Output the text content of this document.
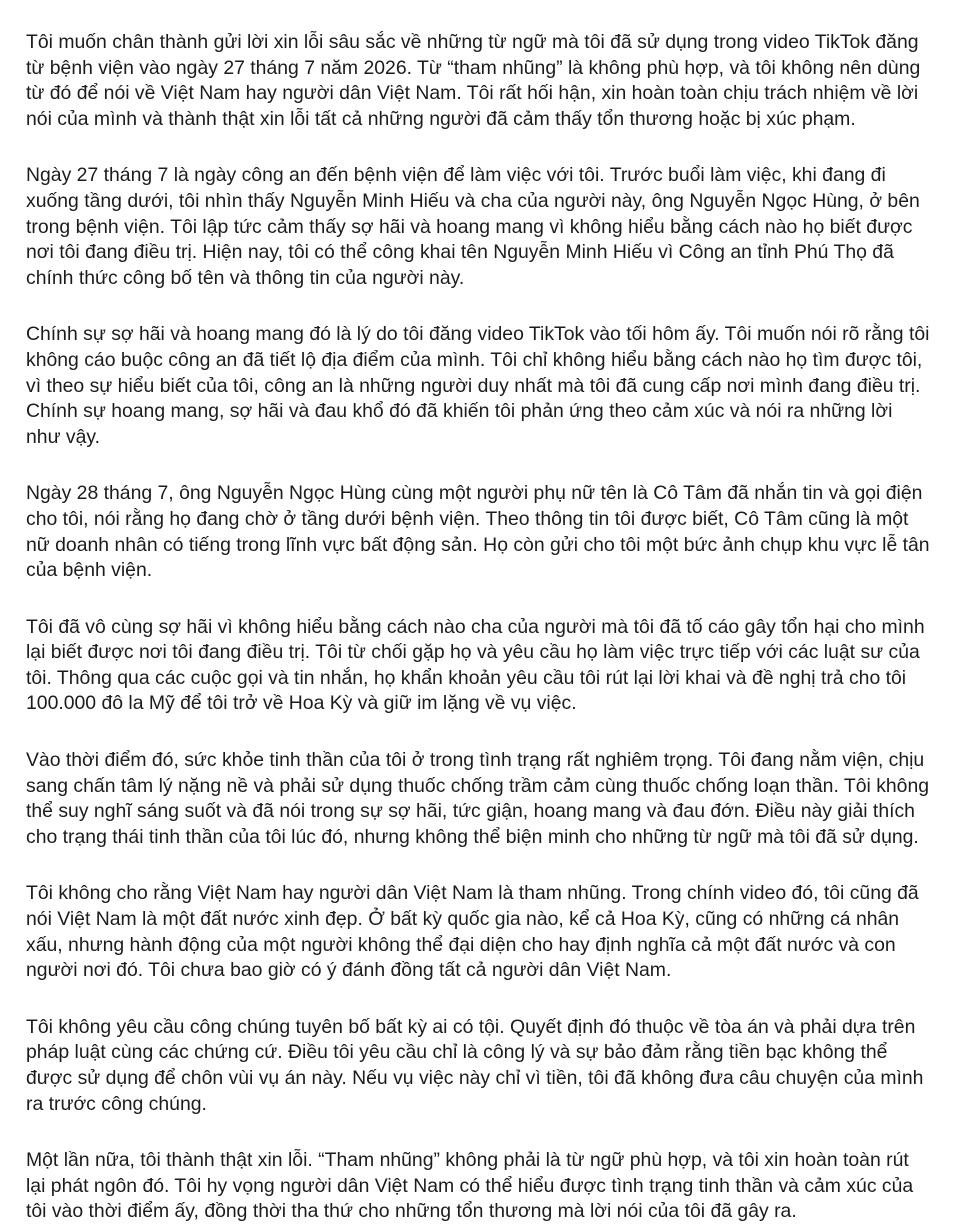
Tôi muốn chân thành gửi lời xin lỗi sâu sắc về những từ ngữ mà tôi đã sử dụng trong video TikTok đăng từ bệnh viện vào ngày 27 tháng 7 năm 2026. Từ “tham nhũng” là không phù hợp, và tôi không nên dùng từ đó để nói về Việt Nam hay người dân Việt Nam. Tôi rất hối hận, xin hoàn toàn chịu trách nhiệm về lời nói của mình và thành thật xin lỗi tất cả những người đã cảm thấy tổn thương hoặc bị xúc phạm.

Ngày 27 tháng 7 là ngày công an đến bệnh viện để làm việc với tôi. Trước buổi làm việc, khi đang đi xuống tầng dưới, tôi nhìn thấy Nguyễn Minh Hiếu và cha của người này, ông Nguyễn Ngọc Hùng, ở bên trong bệnh viện. Tôi lập tức cảm thấy sợ hãi và hoang mang vì không hiểu bằng cách nào họ biết được nơi tôi đang điều trị. Hiện nay, tôi có thể công khai tên Nguyễn Minh Hiếu vì Công an tỉnh Phú Thọ đã chính thức công bố tên và thông tin của người này.

Chính sự sợ hãi và hoang mang đó là lý do tôi đăng video TikTok vào tối hôm ấy. Tôi muốn nói rõ rằng tôi không cáo buộc công an đã tiết lộ địa điểm của mình. Tôi chỉ không hiểu bằng cách nào họ tìm được tôi, vì theo sự hiểu biết của tôi, công an là những người duy nhất mà tôi đã cung cấp nơi mình đang điều trị. Chính sự hoang mang, sợ hãi và đau khổ đó đã khiến tôi phản ứng theo cảm xúc và nói ra những lời như vậy.

Ngày 28 tháng 7, ông Nguyễn Ngọc Hùng cùng một người phụ nữ tên là Cô Tâm đã nhắn tin và gọi điện cho tôi, nói rằng họ đang chờ ở tầng dưới bệnh viện. Theo thông tin tôi được biết, Cô Tâm cũng là một nữ doanh nhân có tiếng trong lĩnh vực bất động sản. Họ còn gửi cho tôi một bức ảnh chụp khu vực lễ tân của bệnh viện.

Tôi đã vô cùng sợ hãi vì không hiểu bằng cách nào cha của người mà tôi đã tố cáo gây tổn hại cho mình lại biết được nơi tôi đang điều trị. Tôi từ chối gặp họ và yêu cầu họ làm việc trực tiếp với các luật sư của tôi. Thông qua các cuộc gọi và tin nhắn, họ khẩn khoản yêu cầu tôi rút lại lời khai và đề nghị trả cho tôi 100.000 đô la Mỹ để tôi trở về Hoa Kỳ và giữ im lặng về vụ việc.

Vào thời điểm đó, sức khỏe tinh thần của tôi ở trong tình trạng rất nghiêm trọng. Tôi đang nằm viện, chịu sang chấn tâm lý nặng nề và phải sử dụng thuốc chống trầm cảm cùng thuốc chống loạn thần. Tôi không thể suy nghĩ sáng suốt và đã nói trong sự sợ hãi, tức giận, hoang mang và đau đớn. Điều này giải thích cho trạng thái tinh thần của tôi lúc đó, nhưng không thể biện minh cho những từ ngữ mà tôi đã sử dụng.

Tôi không cho rằng Việt Nam hay người dân Việt Nam là tham nhũng. Trong chính video đó, tôi cũng đã nói Việt Nam là một đất nước xinh đẹp. Ở bất kỳ quốc gia nào, kể cả Hoa Kỳ, cũng có những cá nhân xấu, nhưng hành động của một người không thể đại diện cho hay định nghĩa cả một đất nước và con người nơi đó. Tôi chưa bao giờ có ý đánh đồng tất cả người dân Việt Nam.

Tôi không yêu cầu công chúng tuyên bố bất kỳ ai có tội. Quyết định đó thuộc về tòa án và phải dựa trên pháp luật cùng các chứng cứ. Điều tôi yêu cầu chỉ là công lý và sự bảo đảm rằng tiền bạc không thể được sử dụng để chôn vùi vụ án này. Nếu vụ việc này chỉ vì tiền, tôi đã không đưa câu chuyện của mình ra trước công chúng.

Một lần nữa, tôi thành thật xin lỗi. “Tham nhũng” không phải là từ ngữ phù hợp, và tôi xin hoàn toàn rút lại phát ngôn đó. Tôi hy vọng người dân Việt Nam có thể hiểu được tình trạng tinh thần và cảm xúc của tôi vào thời điểm ấy, đồng thời tha thứ cho những tổn thương mà lời nói của tôi đã gây ra.
